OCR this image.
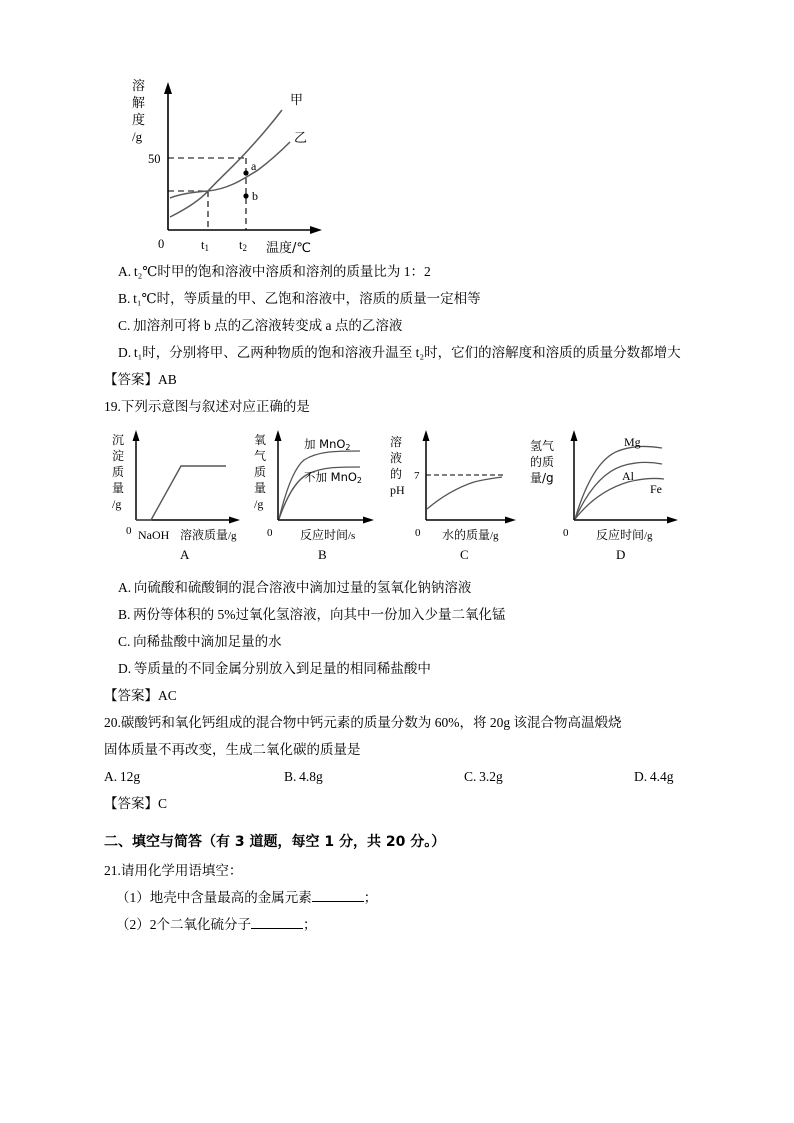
溶
解
度
/g
甲
乙
a
b
50
0	t1 t2 温度/℃
A. t₂℃时甲的饱和溶液中溶质和溶剂的质量比为 1：2
B. t₁℃时，等质量的甲、乙饱和溶液中，溶质的质量一定相等
C. 加溶剂可将 b 点的乙溶液转变成 a 点的乙溶液
D. t₁时，分别将甲、乙两种物质的饱和溶液升温至 t₂时，它们的溶解度和溶质的质量分数都增大
【答案】AB
19.下列示意图与叙述对应正确的是
沉
淀
质
量
/g
0 NaOH 溶液质量 /g
A
氧
气
质
量
/g
加 MnO2
不加 MnO2
0 反应时间 /s
B
溶
液
的
pH
7
0 水的质量 /g
C
氢气
的质
量/g
Mg
Al
Fe
0 反应时间 /g
D
A. 向硫酸和硫酸铜的混合溶液中滴加过量的氢氧化钠钠溶液
B. 两份等体积的 5%过氧化氢溶液，向其中一份加入少量二氧化锰
C. 向稀盐酸中滴加足量的水
D. 等质量的不同金属分别放入到足量的相同稀盐酸中
【答案】AC
20.碳酸钙和氧化钙组成的混合物中钙元素的质量分数为 60%，将 20g 该混合物高温煅烧
固体质量不再改变，生成二氧化碳的质量是
A. 12g	B. 4.8g	C. 3.2g	D. 4.4g
【答案】C
二、填空与简答（有 3 道题，每空 1 分，共 20 分。）
21.请用化学用语填空：
（1）地壳中含量最高的金属元素	；
（2）2个二氧化硫分子	；
